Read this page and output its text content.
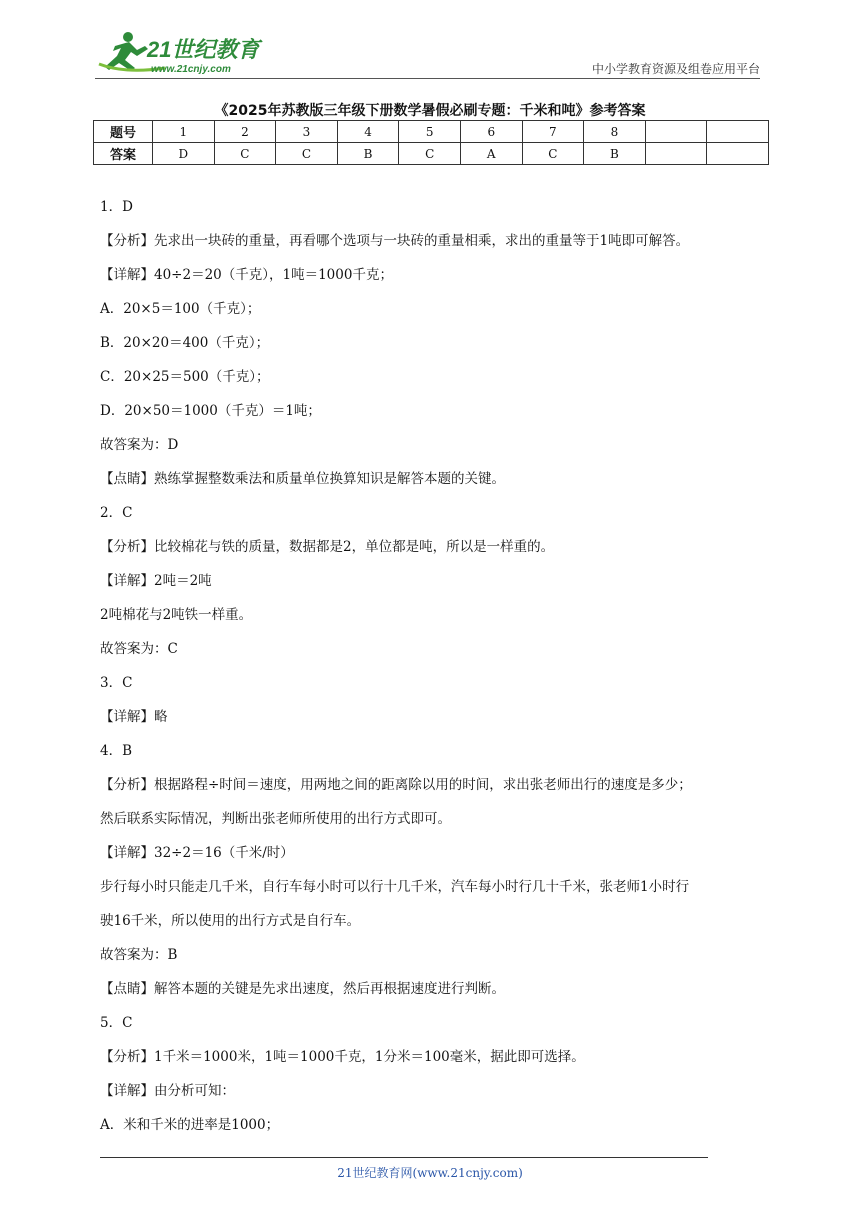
21世纪教育
www.21cnjy.com	中小学教育资源及组卷应用平台
《2025年苏教版三年级下册数学暑假必刷专题：千米和吨》参考答案
题号	1	2	3	4	5	6	7	8		
答案	D	C	C	B	C	A	C	B		

1．D

【分析】先求出一块砖的重量，再看哪个选项与一块砖的重量相乘，求出的重量等于1吨即可解答。

【详解】40÷2＝20（千克），1吨＝1000千克；

A．20×5＝100（千克）；

B．20×20＝400（千克）；

C．20×25＝500（千克）；

D．20×50＝1000（千克）＝1吨；

故答案为：D

【点睛】熟练掌握整数乘法和质量单位换算知识是解答本题的关键。

2．C

【分析】比较棉花与铁的质量，数据都是2，单位都是吨，所以是一样重的。

【详解】2吨＝2吨

2吨棉花与2吨铁一样重。

故答案为：C

3．C

【详解】略

4．B

【分析】根据路程÷时间＝速度，用两地之间的距离除以用的时间，求出张老师出行的速度是多少；

然后联系实际情况，判断出张老师所使用的出行方式即可。

【详解】32÷2＝16（千米/时）

步行每小时只能走几千米，自行车每小时可以行十几千米，汽车每小时行几十千米，张老师1小时行

驶16千米，所以使用的出行方式是自行车。

故答案为：B

【点睛】解答本题的关键是先求出速度，然后再根据速度进行判断。

5．C

【分析】1千米＝1000米，1吨＝1000千克，1分米＝100毫米，据此即可选择。

【详解】由分析可知：

A．米和千米的进率是1000；

21世纪教育网(www.21cnjy.com)
